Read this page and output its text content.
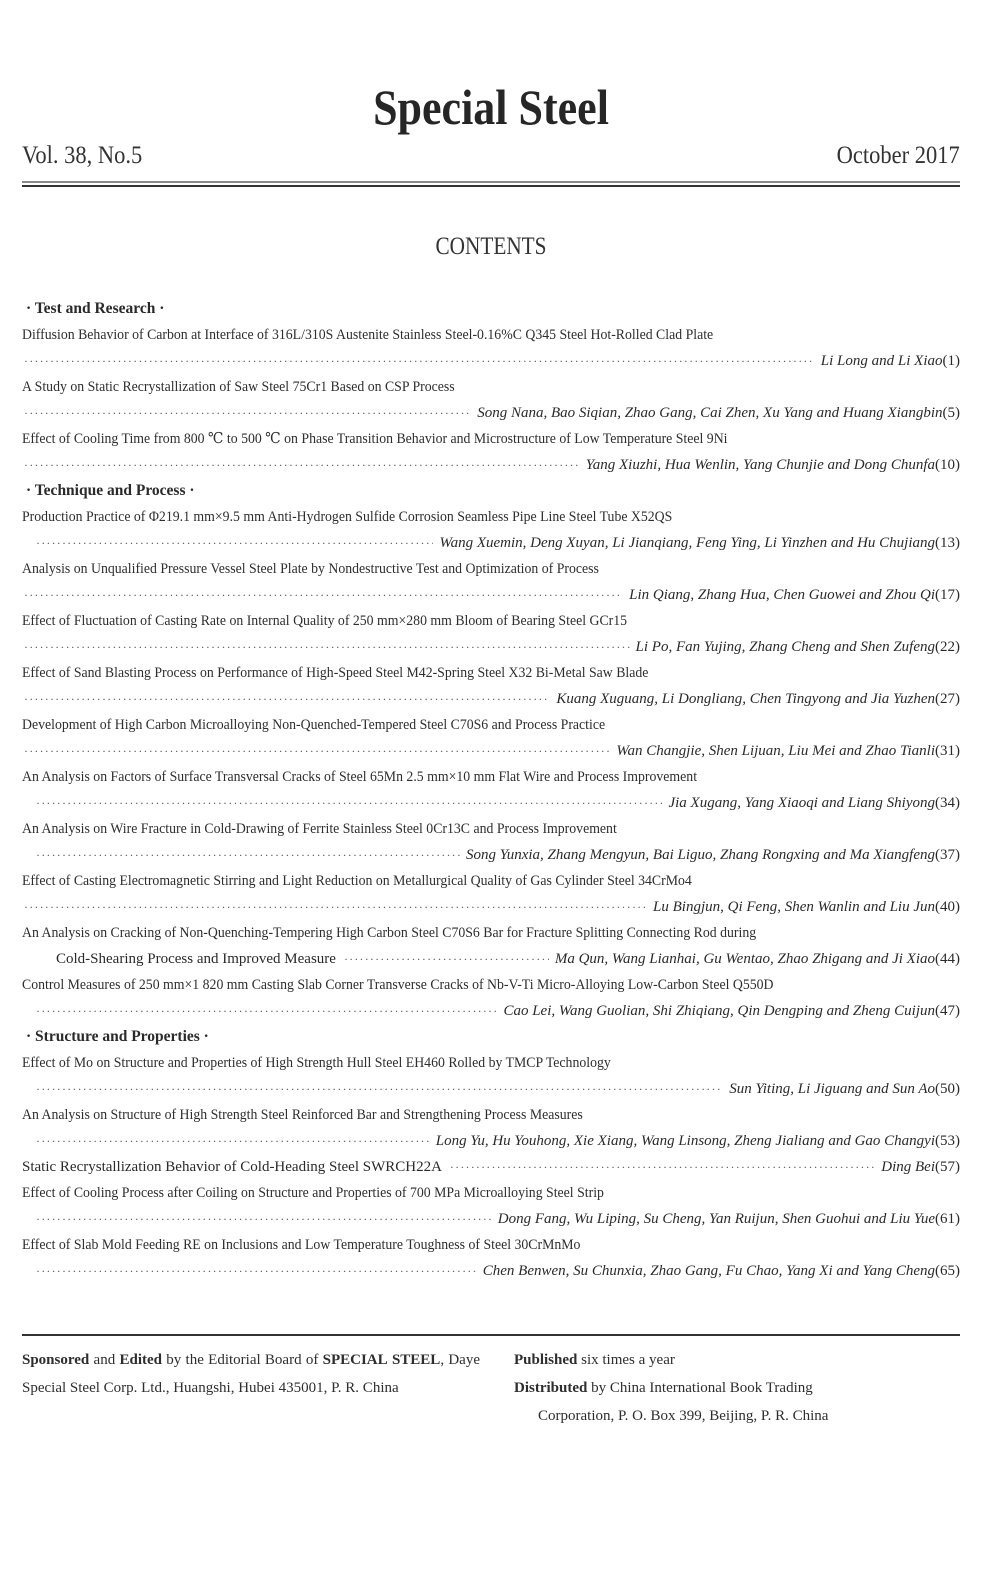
Special Steel
Vol. 38, No.5	October 2017
CONTENTS
· Test and Research ·
Diffusion Behavior of Carbon at Interface of 316L/310S Austenite Stainless Steel-0.16%C Q345 Steel Hot-Rolled Clad Plate
·····
Li Long and Li Xiao (1)
A Study on Static Recrystallization of Saw Steel 75Cr1 Based on CSP Process
·····
Song Nana, Bao Siqian, Zhao Gang, Cai Zhen, Xu Yang and Huang Xiangbin (5)
Effect of Cooling Time from 800 ℃ to 500 ℃ on Phase Transition Behavior and Microstructure of Low Temperature Steel 9Ni
·····
Yang Xiuzhi, Hua Wenlin, Yang Chunjie and Dong Chunfa (10)
· Technique and Process ·
Production Practice of Φ219.1 mm×9.5 mm Anti-Hydrogen Sulfide Corrosion Seamless Pipe Line Steel Tube X52QS
·····
Wang Xuemin, Deng Xuyan, Li Jianqiang, Feng Ying, Li Yinzhen and Hu Chujiang (13)
Analysis on Unqualified Pressure Vessel Steel Plate by Nondestructive Test and Optimization of Process
·····
Lin Qiang, Zhang Hua, Chen Guowei and Zhou Qi (17)
Effect of Fluctuation of Casting Rate on Internal Quality of 250 mm×280 mm Bloom of Bearing Steel GCr15
·····
Li Po, Fan Yujing, Zhang Cheng and Shen Zufeng (22)
Effect of Sand Blasting Process on Performance of High-Speed Steel M42-Spring Steel X32 Bi-Metal Saw Blade
·····
Kuang Xuguang, Li Dongliang, Chen Tingyong and Jia Yuzhen (27)
Development of High Carbon Microalloying Non-Quenched-Tempered Steel C70S6 and Process Practice
·····
Wan Changjie, Shen Lijuan, Liu Mei and Zhao Tianli (31)
An Analysis on Factors of Surface Transversal Cracks of Steel 65Mn 2.5 mm×10 mm Flat Wire and Process Improvement
·····
Jia Xugang, Yang Xiaoqi and Liang Shiyong (34)
An Analysis on Wire Fracture in Cold-Drawing of Ferrite Stainless Steel 0Cr13C and Process Improvement
·····
Song Yunxia, Zhang Mengyun, Bai Liguo, Zhang Rongxing and Ma Xiangfeng (37)
Effect of Casting Electromagnetic Stirring and Light Reduction on Metallurgical Quality of Gas Cylinder Steel 34CrMo4
·····
Lu Bingjun, Qi Feng, Shen Wanlin and Liu Jun (40)
An Analysis on Cracking of Non-Quenching-Tempering High Carbon Steel C70S6 Bar for Fracture Splitting Connecting Rod during
Cold-Shearing Process and Improved Measure ·····	Ma Qun, Wang Lianhai, Gu Wentao, Zhao Zhigang and Ji Xiao (44)
Control Measures of 250 mm×1 820 mm Casting Slab Corner Transverse Cracks of Nb-V-Ti Micro-Alloying Low-Carbon Steel Q550D
·····
Cao Lei, Wang Guolian, Shi Zhiqiang, Qin Dengping and Zheng Cuijun (47)
· Structure and Properties ·
Effect of Mo on Structure and Properties of High Strength Hull Steel EH460 Rolled by TMCP Technology
·····
Sun Yiting, Li Jiguang and Sun Ao (50)
An Analysis on Structure of High Strength Steel Reinforced Bar and Strengthening Process Measures
·····
Long Yu, Hu Youhong, Xie Xiang, Wang Linsong, Zheng Jialiang and Gao Changyi (53)
Static Recrystallization Behavior of Cold-Heading Steel SWRCH22A ·····	Ding Bei (57)
Effect of Cooling Process after Coiling on Structure and Properties of 700 MPa Microalloying Steel Strip
·····
Dong Fang, Wu Liping, Su Cheng, Yan Ruijun, Shen Guohui and Liu Yue (61)
Effect of Slab Mold Feeding RE on Inclusions and Low Temperature Toughness of Steel 30CrMnMo
·····
Chen Benwen, Su Chunxia, Zhao Gang, Fu Chao, Yang Xi and Yang Cheng (65)
Sponsored and Edited by the Editorial Board of SPECIAL STEEL, Daye Special Steel Corp. Ltd., Huangshi, Hubei 435001, P. R. China
Published six times a year
Distributed by China International Book Trading
Corporation, P. O. Box 399, Beijing, P. R. China
